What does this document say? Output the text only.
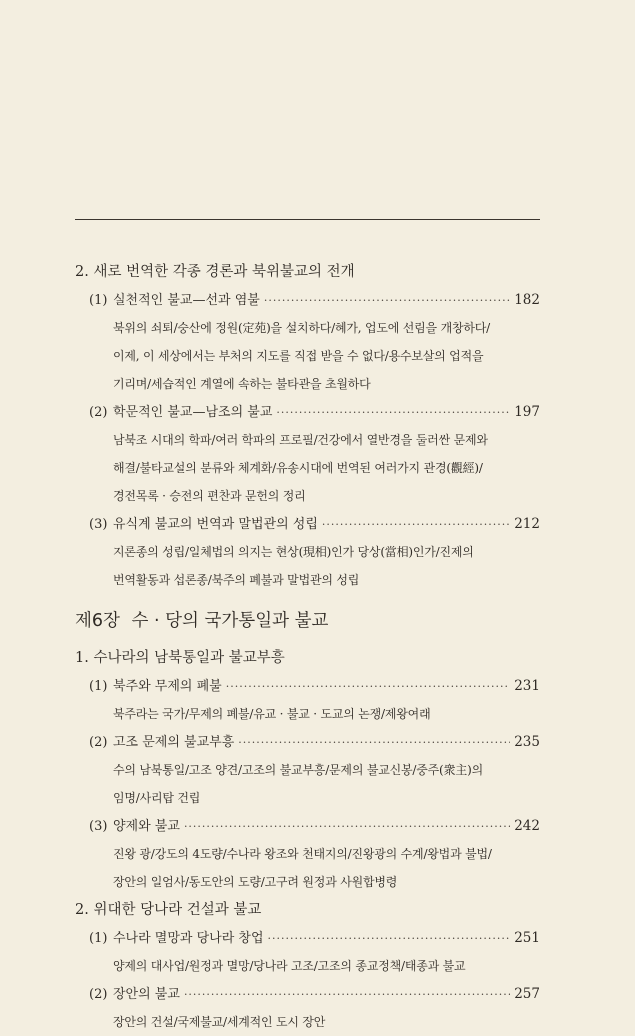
2. 새로 번역한 각종 경론과 북위불교의 전개
(1) 실천적인 불교—선과 염불 ·····	182
북위의 쇠퇴/숭산에 정원(定苑)을 설치하다/혜가, 업도에 선림을 개창하다/
이제, 이 세상에서는 부처의 지도를 직접 받을 수 없다/용수보살의 업적을
기리며/세습적인 계열에 속하는 불타관을 초월하다
(2) 학문적인 불교—남조의 불교 ·····	197
남북조 시대의 학파/여러 학파의 프로필/건강에서 열반경을 둘러싼 문제와
해결/불타교설의 분류와 체계화/유송시대에 번역된 여러가지 관경(觀經)/
경전목록 · 승전의 편찬과 문헌의 정리
(3) 유식계 불교의 번역과 말법관의 성립 ·····	212
지론종의 성립/일체법의 의지는 현상(現相)인가 당상(當相)인가/진제의
번역활동과 섭론종/북주의 폐불과 말법관의 성립
제6장 수 · 당의 국가통일과 불교
1. 수나라의 남북통일과 불교부흥
(1) 북주와 무제의 폐불 ·····	231
북주라는 국가/무제의 폐불/유교 · 불교 · 도교의 논쟁/제왕여래
(2) 고조 문제의 불교부흥 ·····	235
수의 남북통일/고조 양견/고조의 불교부흥/문제의 불교신봉/중주(衆主)의
임명/사리탑 건립
(3) 양제와 불교 ·····	242
진왕 광/강도의 4도량/수나라 왕조와 천태지의/진왕광의 수계/왕법과 불법/
장안의 일엄사/동도안의 도량/고구려 원정과 사원합병령
2. 위대한 당나라 건설과 불교
(1) 수나라 멸망과 당나라 창업 ·····	251
양제의 대사업/원정과 멸망/당나라 고조/고조의 종교정책/태종과 불교
(2) 장안의 불교 ·····	257
장안의 건설/국제불교/세계적인 도시 장안
